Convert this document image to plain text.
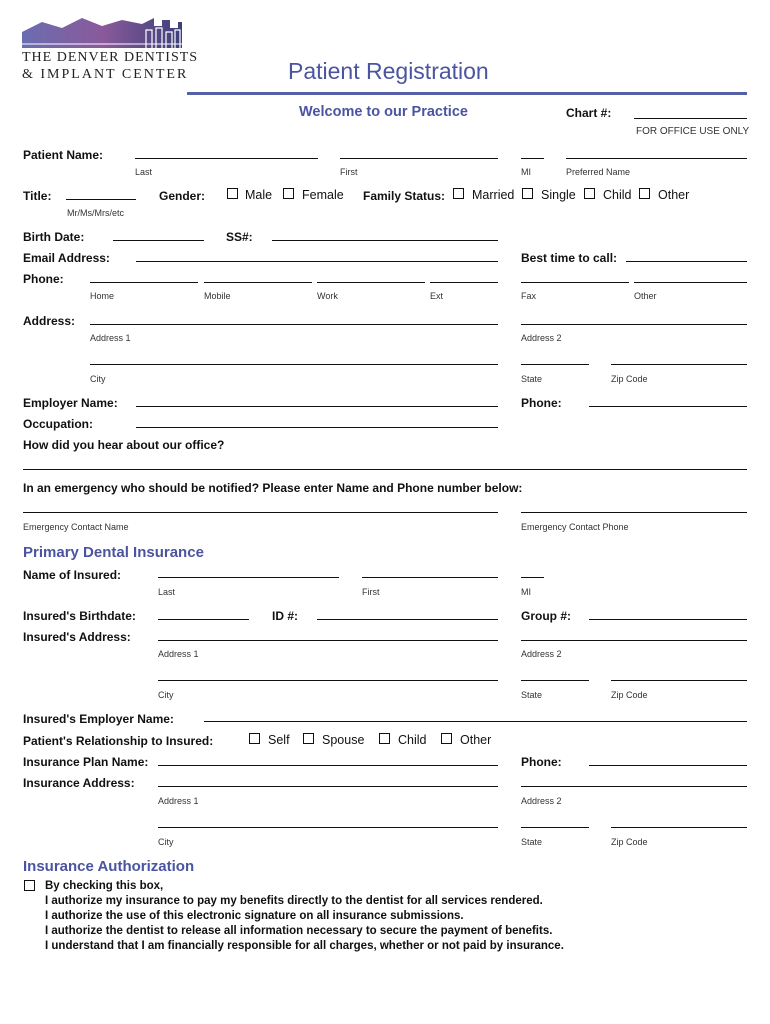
THE DENVER DENTISTS
& IMPLANT CENTER	Patient Registration
Welcome to our Practice	Chart #:
FOR OFFICE USE ONLY
Patient Name:
Last	First	MI	Preferred Name
Title:
Mr/Ms/Mrs/etc
Gender:	Male Female Family Status: Married Single Child Other
Birth Date:	SS#:
Email Address:	Best time to call:
Phone:
Home	Mobile	Work	Ext	Fax	Other
Address:
Address 1	Address 2
City	State	Zip Code
Employer Name:	Phone:
Occupation:
How did you hear about our office?
In an emergency who should be notified? Please enter Name and Phone number below:
Emergency Contact Name	Emergency Contact Phone
Primary Dental Insurance
Name of Insured:
Last	First	MI
Insured's Birthdate:	ID #:	Group #:
Insured's Address:
Address 1	Address 2
City	State	Zip Code
Insured's Employer Name:
Patient's Relationship to Insured:	Self	Spouse	Child	Other
Insurance Plan Name:	Phone:
Insurance Address:
Address 1	Address 2
City	State	Zip Code
Insurance Authorization
By checking this box,
I authorize my insurance to pay my benefits directly to the dentist for all services rendered.
I authorize the use of this electronic signature on all insurance submissions.
I authorize the dentist to release all information necessary to secure the payment of benefits.
I understand that I am financially responsible for all charges, whether or not paid by insurance.
